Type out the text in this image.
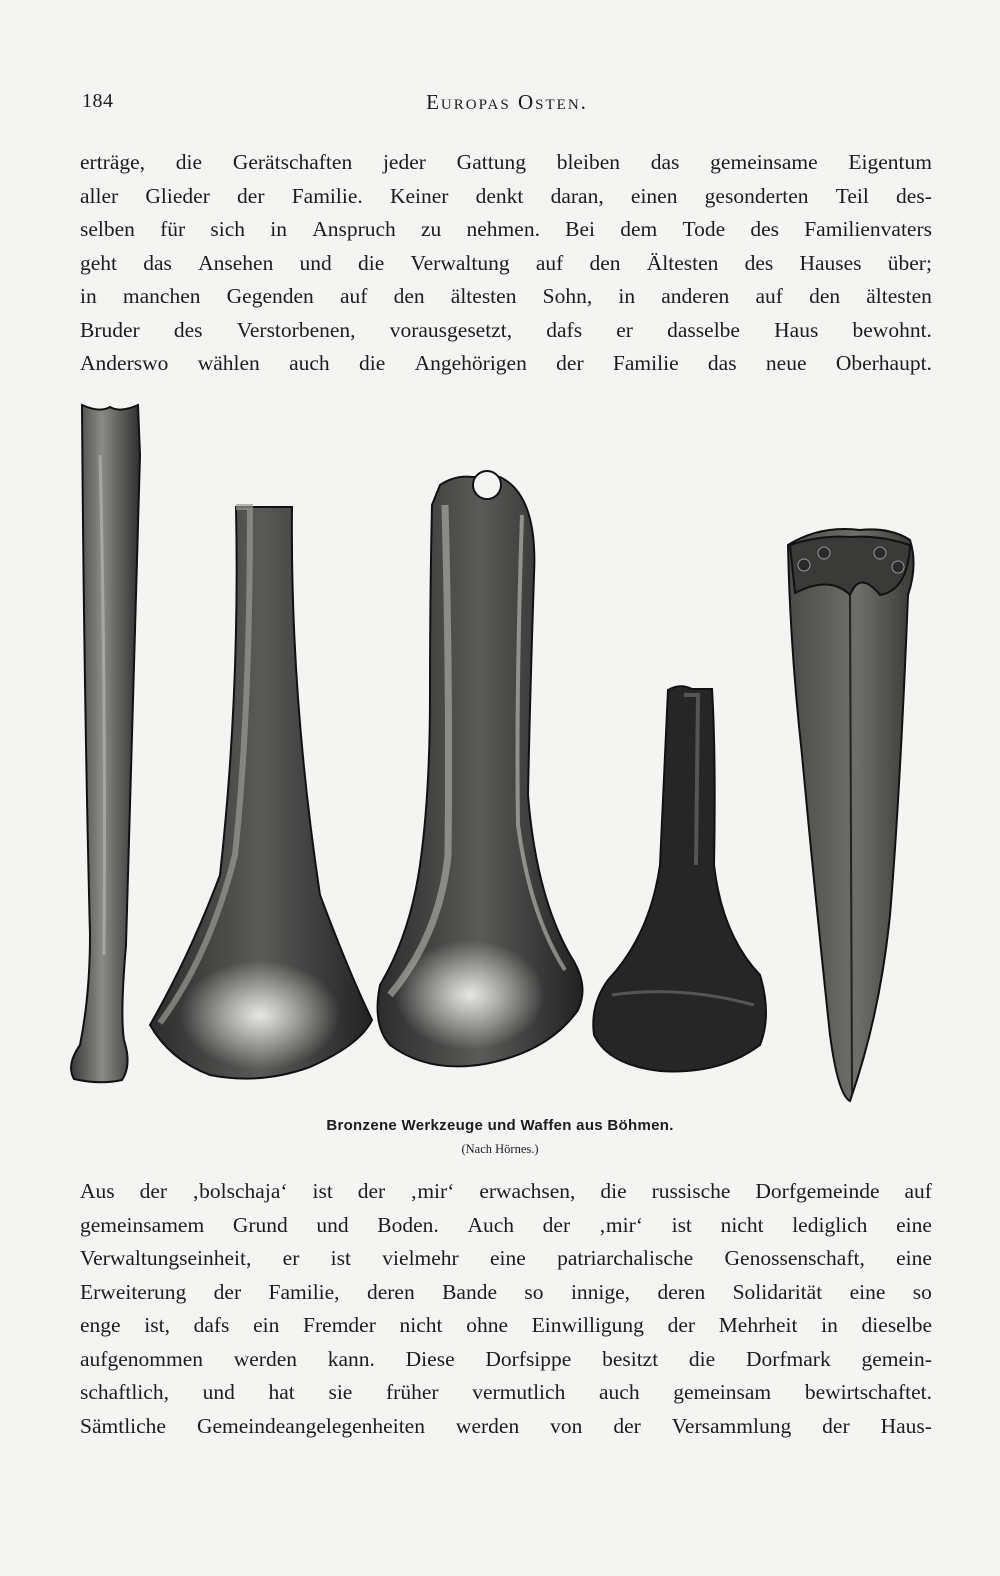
184	Europas Osten.
erträge, die Gerätschaften jeder Gattung bleiben das gemeinsame Eigentum
aller Glieder der Familie. Keiner denkt daran, einen gesonderten Teil des-
selben für sich in Anspruch zu nehmen. Bei dem Tode des Familienvaters
geht das Ansehen und die Verwaltung auf den Ältesten des Hauses über;
in manchen Gegenden auf den ältesten Sohn, in anderen auf den ältesten
Bruder des Verstorbenen, vorausgesetzt, dafs er dasselbe Haus bewohnt.
Anderswo wählen auch die Angehörigen der Familie das neue Oberhaupt.
Bronzene Werkzeuge und Waffen aus Böhmen.
(Nach Hörnes.)
Aus der ‚bolschaja‘ ist der ‚mir‘ erwachsen, die russische Dorfgemeinde auf
gemeinsamem Grund und Boden. Auch der ‚mir‘ ist nicht lediglich eine
Verwaltungseinheit, er ist vielmehr eine patriarchalische Genossenschaft, eine
Erweiterung der Familie, deren Bande so innige, deren Solidarität eine so
enge ist, dafs ein Fremder nicht ohne Einwilligung der Mehrheit in dieselbe
aufgenommen werden kann. Diese Dorfsippe besitzt die Dorfmark gemein-
schaftlich, und hat sie früher vermutlich auch gemeinsam bewirtschaftet.
Sämtliche Gemeindeangelegenheiten werden von der Versammlung der Haus-
